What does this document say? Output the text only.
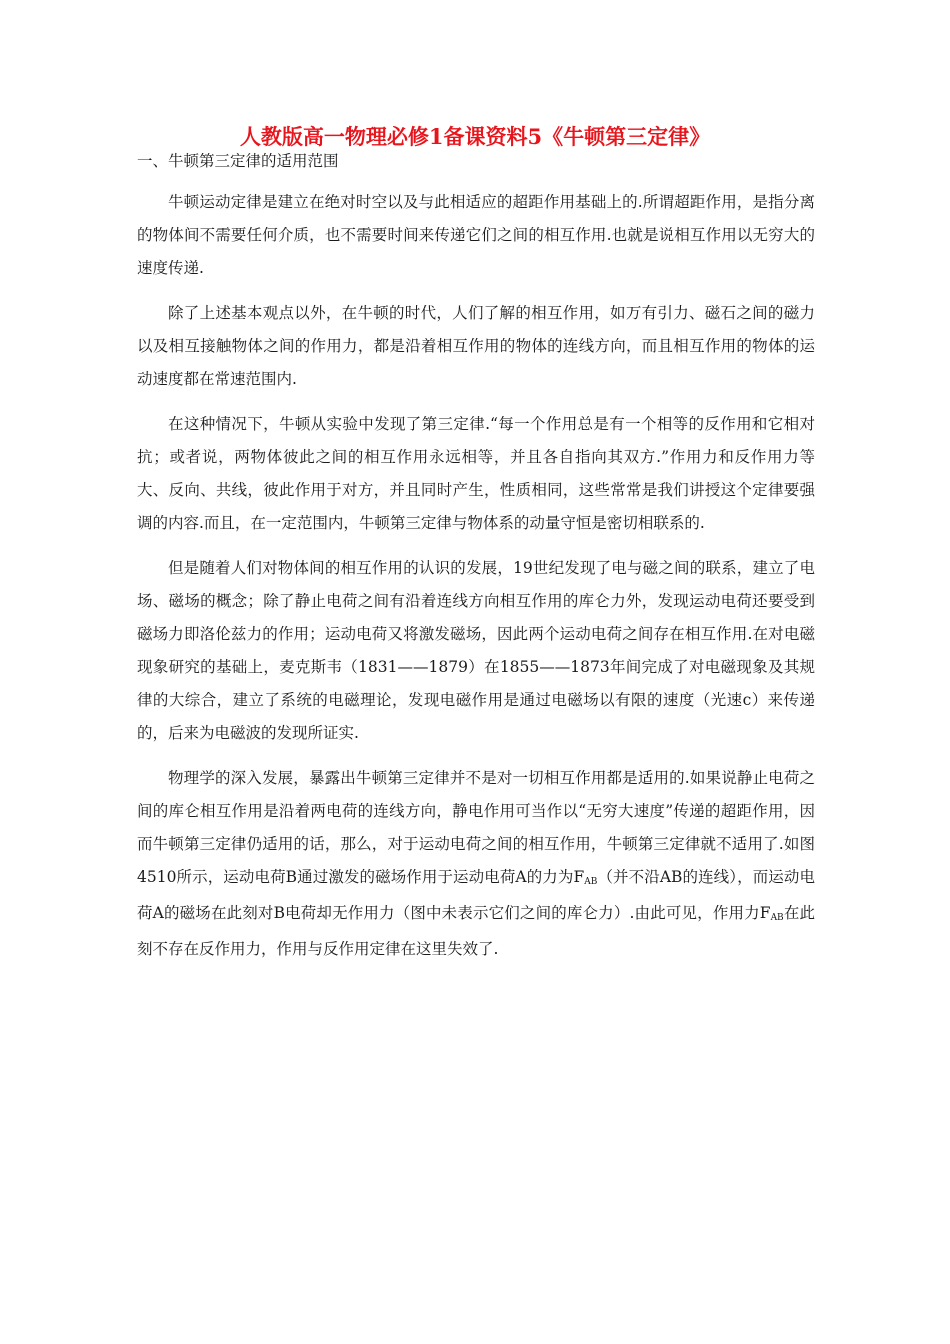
人教版高一物理必修1备课资料5《牛顿第三定律》
一、牛顿第三定律的适用范围

牛顿运动定律是建立在绝对时空以及与此相适应的超距作用基础上的.所谓超距作用，是指分离的物体间不需要任何介质，也不需要时间来传递它们之间的相互作用.也就是说相互作用以无穷大的速度传递.

除了上述基本观点以外，在牛顿的时代，人们了解的相互作用，如万有引力、磁石之间的磁力以及相互接触物体之间的作用力，都是沿着相互作用的物体的连线方向，而且相互作用的物体的运动速度都在常速范围内.

在这种情况下，牛顿从实验中发现了第三定律.“每一个作用总是有一个相等的反作用和它相对抗；或者说，两物体彼此之间的相互作用永远相等，并且各自指向其双方.”作用力和反作用力等大、反向、共线，彼此作用于对方，并且同时产生，性质相同，这些常常是我们讲授这个定律要强调的内容.而且，在一定范围内，牛顿第三定律与物体系的动量守恒是密切相联系的.

但是随着人们对物体间的相互作用的认识的发展，19世纪发现了电与磁之间的联系，建立了电场、磁场的概念；除了静止电荷之间有沿着连线方向相互作用的库仑力外，发现运动电荷还要受到磁场力即洛伦兹力的作用；运动电荷又将激发磁场，因此两个运动电荷之间存在相互作用.在对电磁现象研究的基础上，麦克斯韦（1831——1879）在1855——1873年间完成了对电磁现象及其规律的大综合，建立了系统的电磁理论，发现电磁作用是通过电磁场以有限的速度（光速c）来传递的，后来为电磁波的发现所证实.

物理学的深入发展，暴露出牛顿第三定律并不是对一切相互作用都是适用的.如果说静止电荷之间的库仑相互作用是沿着两电荷的连线方向，静电作用可当作以“无穷大速度”传递的超距作用，因而牛顿第三定律仍适用的话，那么，对于运动电荷之间的相互作用，牛顿第三定律就不适用了.如图4510所示，运动电荷B通过激发的磁场作用于运动电荷A的力为FAB（并不沿AB的连线），而运动电荷A的磁场在此刻对B电荷却无作用力（图中未表示它们之间的库仑力）.由此可见，作用力FAB在此刻不存在反作用力，作用与反作用定律在这里失效了.
